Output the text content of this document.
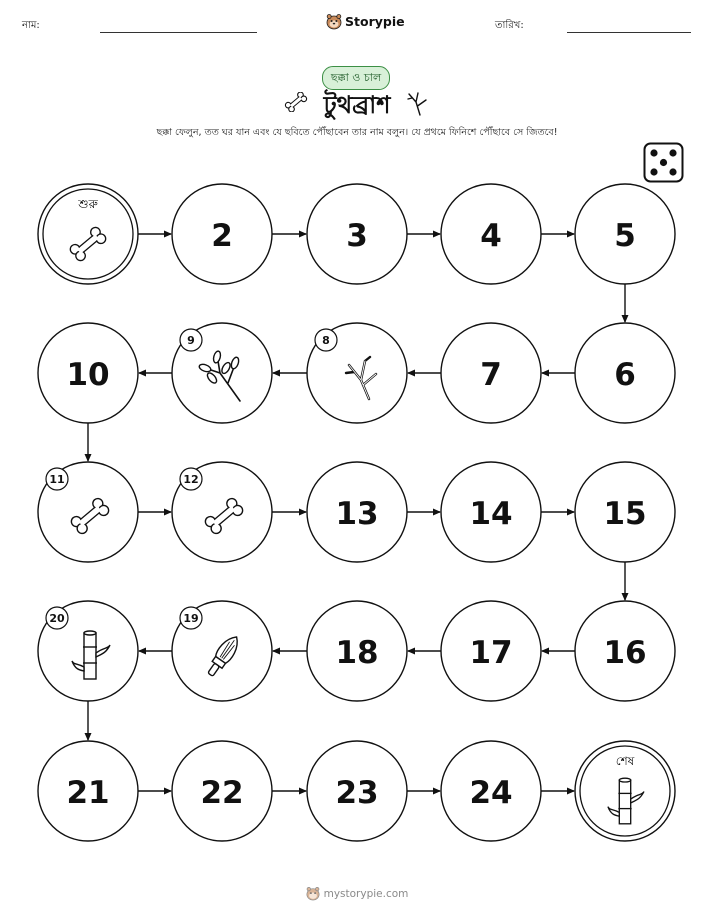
নাম:	Storypie	তারিখ:
ছক্কা ও চাল
টুথব্রাশ
ছক্কা ফেলুন, তত ঘর যান এবং যে ছবিতে পৌঁছাবেন তার নাম বলুন। যে প্রথমে ফিনিশে পৌঁছাবে সে জিতবে!
শুরু
2	3	4	5
6
7
8
9
10
11	12
13	14	15
16
17
18
19
20
21	22	23	24
শেষ
mystorypie.com
